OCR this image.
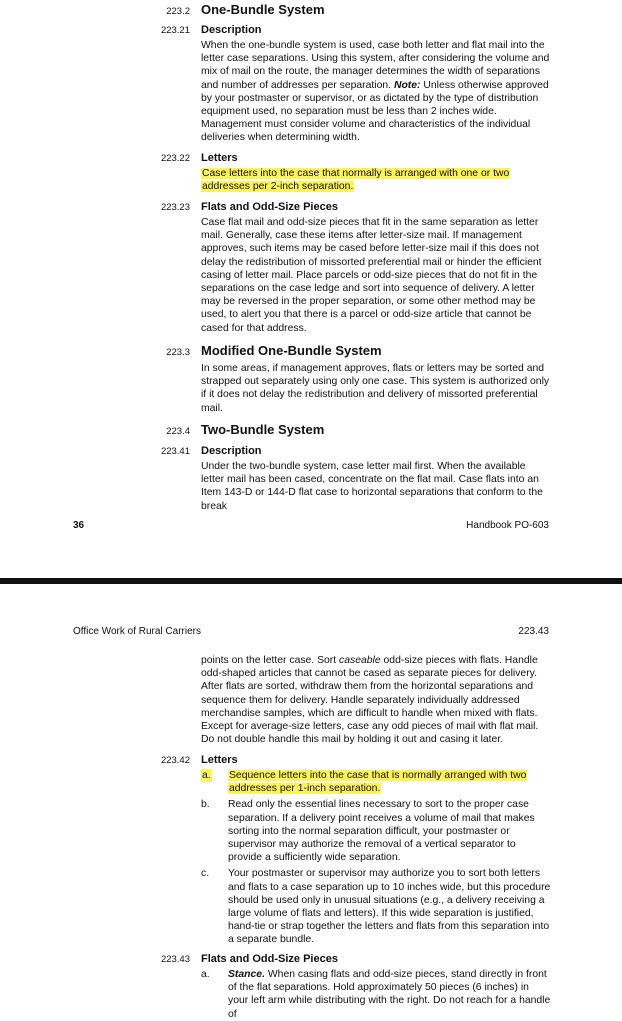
223.2 One-Bundle System
223.21 Description
When the one-bundle system is used, case both letter and flat mail into the letter case separations. Using this system, after considering the volume and mix of mail on the route, the manager determines the width of separations and number of addresses per separation. Note: Unless otherwise approved by your postmaster or supervisor, or as dictated by the type of distribution equipment used, no separation must be less than 2 inches wide. Management must consider volume and characteristics of the individual deliveries when determining width.
223.22 Letters
Case letters into the case that normally is arranged with one or two addresses per 2-inch separation.
223.23 Flats and Odd-Size Pieces
Case flat mail and odd-size pieces that fit in the same separation as letter mail. Generally, case these items after letter-size mail. If management approves, such items may be cased before letter-size mail if this does not delay the redistribution of missorted preferential mail or hinder the efficient casing of letter mail. Place parcels or odd-size pieces that do not fit in the separations on the case ledge and sort into sequence of delivery. A letter may be reversed in the proper separation, or some other method may be used, to alert you that there is a parcel or odd-size article that cannot be cased for that address.
223.3 Modified One-Bundle System
In some areas, if management approves, flats or letters may be sorted and strapped out separately using only one case. This system is authorized only if it does not delay the redistribution and delivery of missorted preferential mail.
223.4 Two-Bundle System
223.41 Description
Under the two-bundle system, case letter mail first. When the available letter mail has been cased, concentrate on the flat mail. Case flats into an Item 143-D or 144-D flat case to horizontal separations that conform to the break
36	Handbook PO-603
Office Work of Rural Carriers	223.43
points on the letter case. Sort caseable odd-size pieces with flats. Handle odd-shaped articles that cannot be cased as separate pieces for delivery. After flats are sorted, withdraw them from the horizontal separations and sequence them for delivery. Handle separately individually addressed merchandise samples, which are difficult to handle when mixed with flats. Except for average-size letters, case any odd pieces of mail with flat mail. Do not double handle this mail by holding it out and casing it later.
223.42 Letters
a. Sequence letters into the case that is normally arranged with two addresses per 1-inch separation.
b. Read only the essential lines necessary to sort to the proper case separation. If a delivery point receives a volume of mail that makes sorting into the normal separation difficult, your postmaster or supervisor may authorize the removal of a vertical separator to provide a sufficiently wide separation.
c. Your postmaster or supervisor may authorize you to sort both letters and flats to a case separation up to 10 inches wide, but this procedure should be used only in unusual situations (e.g., a delivery receiving a large volume of flats and letters). If this wide separation is justified, hand-tie or strap together the letters and flats from this separation into a separate bundle.
223.43 Flats and Odd-Size Pieces
a. Stance. When casing flats and odd-size pieces, stand directly in front of the flat separations. Hold approximately 50 pieces (6 inches) in your left arm while distributing with the right. Do not reach for a handle of
